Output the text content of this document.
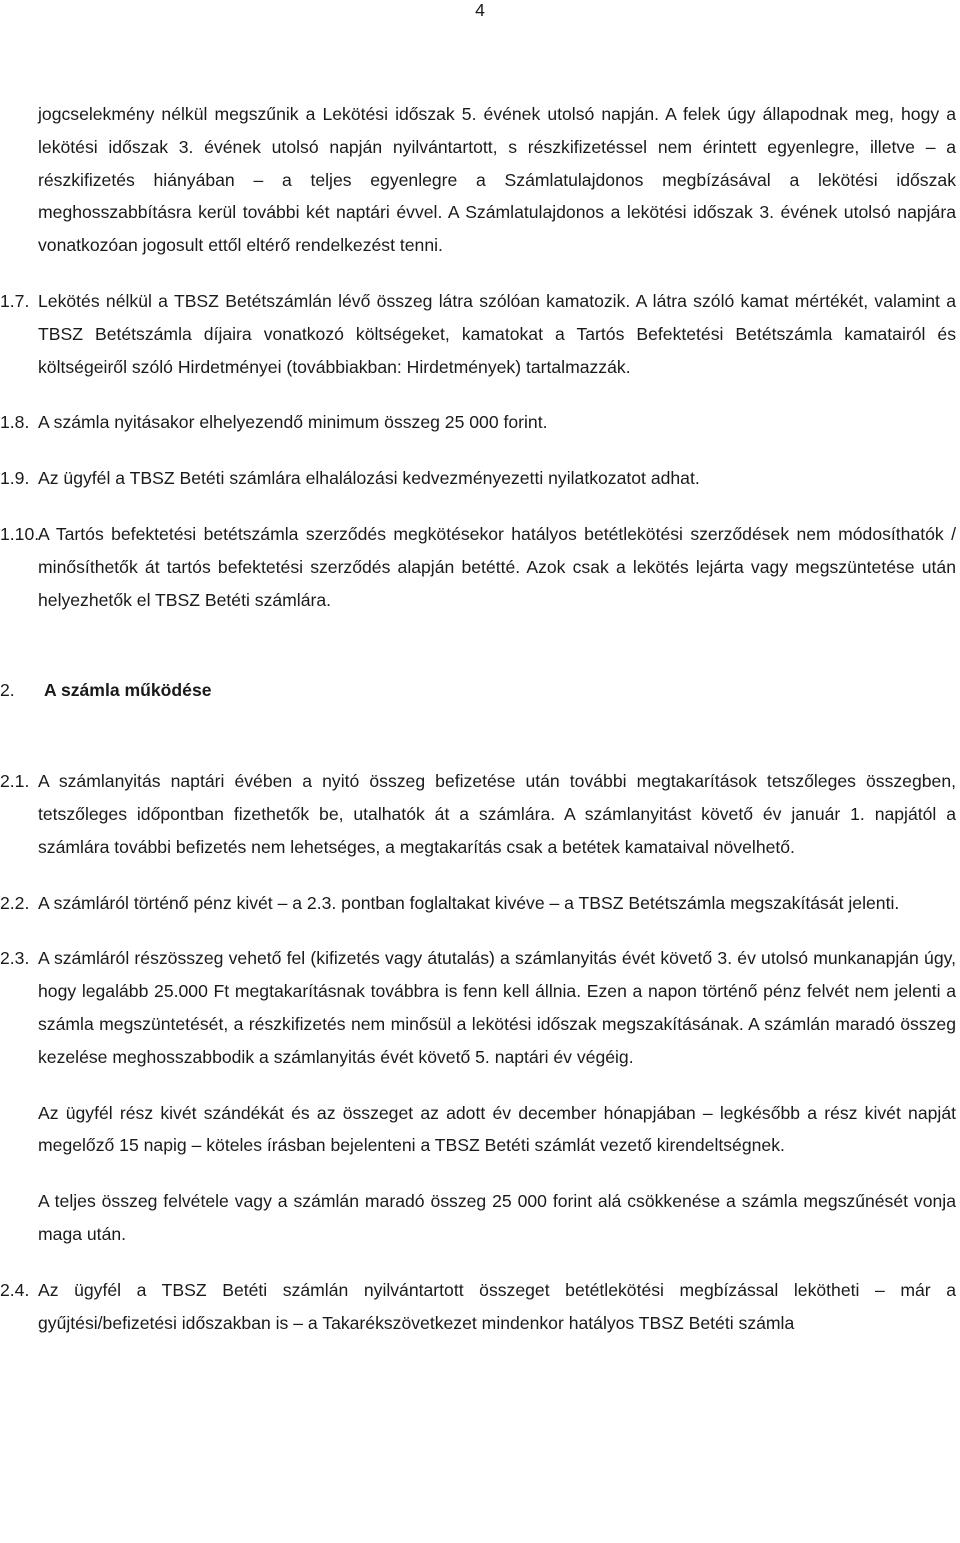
4

jogcselekmény nélkül megszűnik a Lekötési időszak 5. évének utolsó napján. A felek úgy állapodnak meg, hogy a lekötési időszak 3. évének utolsó napján nyilvántartott, s részkifizetéssel nem érintett egyenlegre, illetve – a részkifizetés hiányában – a teljes egyenlegre a Számlatulajdonos megbízásával a lekötési időszak meghosszabbításra kerül további két naptári évvel. A Számlatulajdonos a lekötési időszak 3. évének utolsó napjára vonatkozóan jogosult ettől eltérő rendelkezést tenni.

1.7. Lekötés nélkül a TBSZ Betétszámlán lévő összeg látra szólóan kamatozik. A látra szóló kamat mértékét, valamint a TBSZ Betétszámla díjaira vonatkozó költségeket, kamatokat a Tartós Befektetési Betétszámla kamatairól és költségeiről szóló Hirdetményei (továbbiakban: Hirdetmények) tartalmazzák.
1.8. A számla nyitásakor elhelyezendő minimum összeg 25 000 forint.
1.9. Az ügyfél a TBSZ Betéti számlára elhalálozási kedvezményezetti nyilatkozatot adhat.
1.10.A Tartós befektetési betétszámla szerződés megkötésekor hatályos betétlekötési szerződések nem módosíthatók / minősíthetők át tartós befektetési szerződés alapján betétté. Azok csak a lekötés lejárta vagy megszüntetése után helyezhetők el TBSZ Betéti számlára.
2. A számla működése
2.1. A számlanyitás naptári évében a nyitó összeg befizetése után további megtakarítások tetszőleges összegben, tetszőleges időpontban fizethetők be, utalhatók át a számlára. A számlanyitást követő év január 1. napjától a számlára további befizetés nem lehetséges, a megtakarítás csak a betétek kamataival növelhető.
2.2. A számláról történő pénz kivét – a 2.3. pontban foglaltakat kivéve – a TBSZ Betétszámla megszakítását jelenti.
2.3. A számláról részösszeg vehető fel (kifizetés vagy átutalás) a számlanyitás évét követő 3. év utolsó munkanapján úgy, hogy legalább 25.000 Ft megtakarításnak továbbra is fenn kell állnia. Ezen a napon történő pénz felvét nem jelenti a számla megszüntetését, a részkifizetés nem minősül a lekötési időszak megszakításának. A számlán maradó összeg kezelése meghosszabbodik a számlanyitás évét követő 5. naptári év végéig.

Az ügyfél rész kivét szándékát és az összeget az adott év december hónapjában – legkésőbb a rész kivét napját megelőző 15 napig – köteles írásban bejelenteni a TBSZ Betéti számlát vezető kirendeltségnek.

A teljes összeg felvétele vagy a számlán maradó összeg 25 000 forint alá csökkenése a számla megszűnését vonja maga után.

2.4. Az ügyfél a TBSZ Betéti számlán nyilvántartott összeget betétlekötési megbízással lekötheti – már a gyűjtési/befizetési időszakban is – a Takarékszövetkezet mindenkor hatályos TBSZ Betéti számla
